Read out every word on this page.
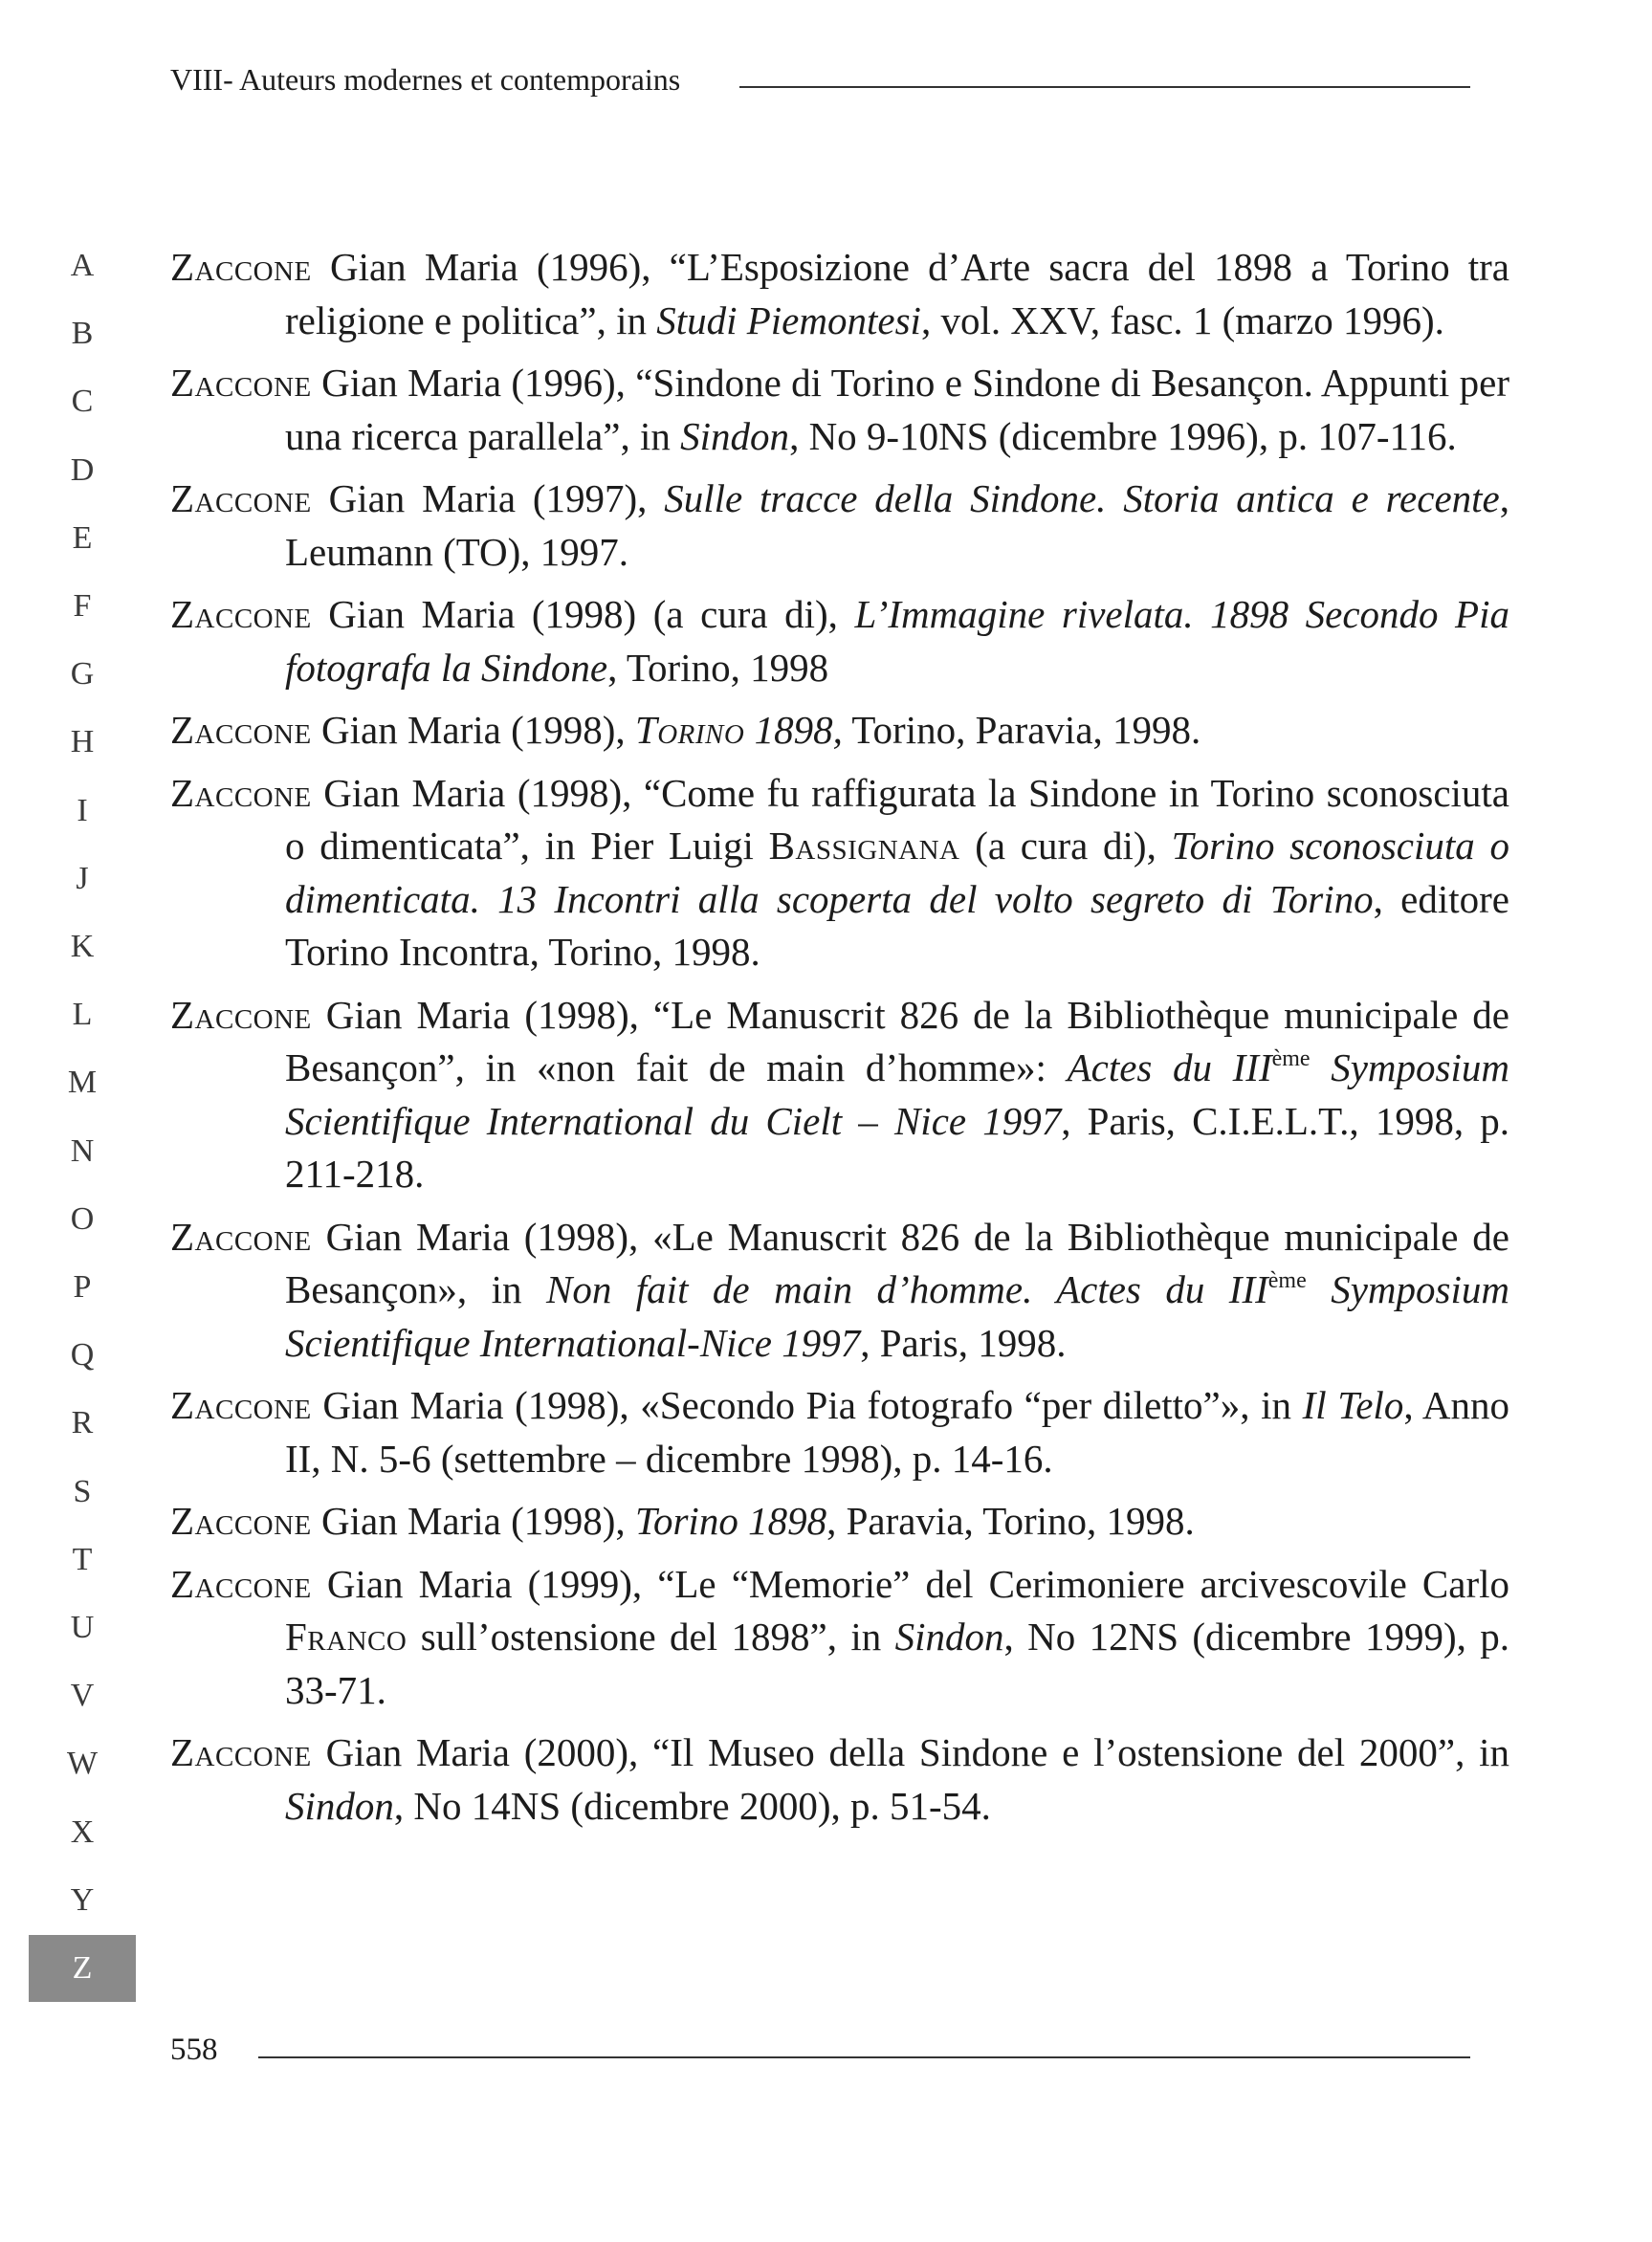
VIII- Auteurs modernes et contemporains
A
B
C
D
E
F
G
H
I
J
K
L
M
N
O
P
Q
R
S
T
U
V
W
X
Y
Z

Zaccone Gian Maria (1996), “L’Esposizione d’Arte sacra del 1898 a Torino tra religione e politica”, in Studi Piemontesi, vol. XXV, fasc. 1 (marzo 1996).

Zaccone Gian Maria (1996), “Sindone di Torino e Sindone di Besançon. Appunti per una ricerca parallela”, in Sindon, No 9-10NS (dicembre 1996), p. 107-116.

Zaccone Gian Maria (1997), Sulle tracce della Sindone. Storia antica e recente, Leumann (TO), 1997.

Zaccone Gian Maria (1998) (a cura di), L’Immagine rivelata. 1898 Secondo Pia fotografa la Sindone, Torino, 1998

Zaccone Gian Maria (1998), Torino 1898, Torino, Paravia, 1998.

Zaccone Gian Maria (1998), “Come fu raffigurata la Sindone in Torino sconosciuta o dimenticata”, in Pier Luigi Bassignana (a cura di), Torino sconosciuta o dimenticata. 13 Incontri alla scoperta del volto segreto di Torino, editore Torino Incontra, Torino, 1998.

Zaccone Gian Maria (1998), “Le Manuscrit 826 de la Bibliothèque municipale de Besançon”, in «non fait de main d’homme»: Actes du IIIème Symposium Scientifique International du Cielt – Nice 1997, Paris, C.I.E.L.T., 1998, p. 211-218.

Zaccone Gian Maria (1998), «Le Manuscrit 826 de la Bibliothèque municipale de Besançon», in Non fait de main d’homme. Actes du IIIème Symposium Scientifique International-Nice 1997, Paris, 1998.

Zaccone Gian Maria (1998), «Secondo Pia fotografo “per diletto”», in Il Telo, Anno II, N. 5-6 (settembre – dicembre 1998), p. 14-16.

Zaccone Gian Maria (1998), Torino 1898, Paravia, Torino, 1998.

Zaccone Gian Maria (1999), “Le “Memorie” del Cerimoniere arcivescovile Carlo Franco sull’ostensione del 1898”, in Sindon, No 12NS (dicembre 1999), p. 33-71.

Zaccone Gian Maria (2000), “Il Museo della Sindone e l’ostensione del 2000”, in Sindon, No 14NS (dicembre 2000), p. 51-54.

558
